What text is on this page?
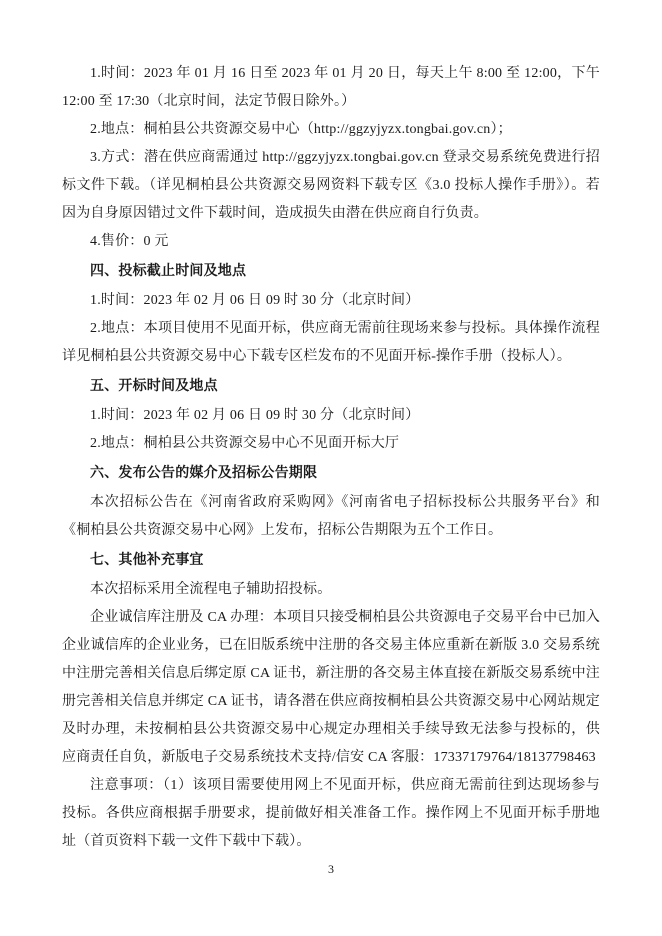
1.时间：2023 年 01 月 16 日至 2023 年 01 月 20 日，每天上午 8:00 至 12:00，下午 12:00 至 17:30（北京时间，法定节假日除外。）

2.地点：桐柏县公共资源交易中心（http://ggzyjyzx.tongbai.gov.cn）；

3.方式：潜在供应商需通过 http://ggzyjyzx.tongbai.gov.cn 登录交易系统免费进行招标文件下载。（详见桐柏县公共资源交易网资料下载专区《3.0 投标人操作手册》）。若因为自身原因错过文件下载时间，造成损失由潜在供应商自行负责。

4.售价：0 元

四、投标截止时间及地点

1.时间：2023 年 02 月 06 日 09 时 30 分（北京时间）

2.地点：本项目使用不见面开标，供应商无需前往现场来参与投标。具体操作流程详见桐柏县公共资源交易中心下载专区栏发布的不见面开标-操作手册（投标人）。

五、开标时间及地点

1.时间：2023 年 02 月 06 日 09 时 30 分（北京时间）

2.地点：桐柏县公共资源交易中心不见面开标大厅

六、发布公告的媒介及招标公告期限

本次招标公告在《河南省政府采购网》《河南省电子招标投标公共服务平台》和《桐柏县公共资源交易中心网》上发布，招标公告期限为五个工作日。

七、其他补充事宜

本次招标采用全流程电子辅助招投标。

企业诚信库注册及 CA 办理：本项目只接受桐柏县公共资源电子交易平台中已加入企业诚信库的企业业务，已在旧版系统中注册的各交易主体应重新在新版 3.0 交易系统中注册完善相关信息后绑定原 CA 证书，新注册的各交易主体直接在新版交易系统中注册完善相关信息并绑定 CA 证书，请各潜在供应商按桐柏县公共资源交易中心网站规定及时办理，未按桐柏县公共资源交易中心规定办理相关手续导致无法参与投标的，供应商责任自负，新版电子交易系统技术支持/信安 CA 客服：17337179764/18137798463

注意事项：（1）该项目需要使用网上不见面开标，供应商无需前往到达现场参与投标。各供应商根据手册要求，提前做好相关准备工作。操作网上不见面开标手册地址（首页资料下载一文件下载中下载）。

3
